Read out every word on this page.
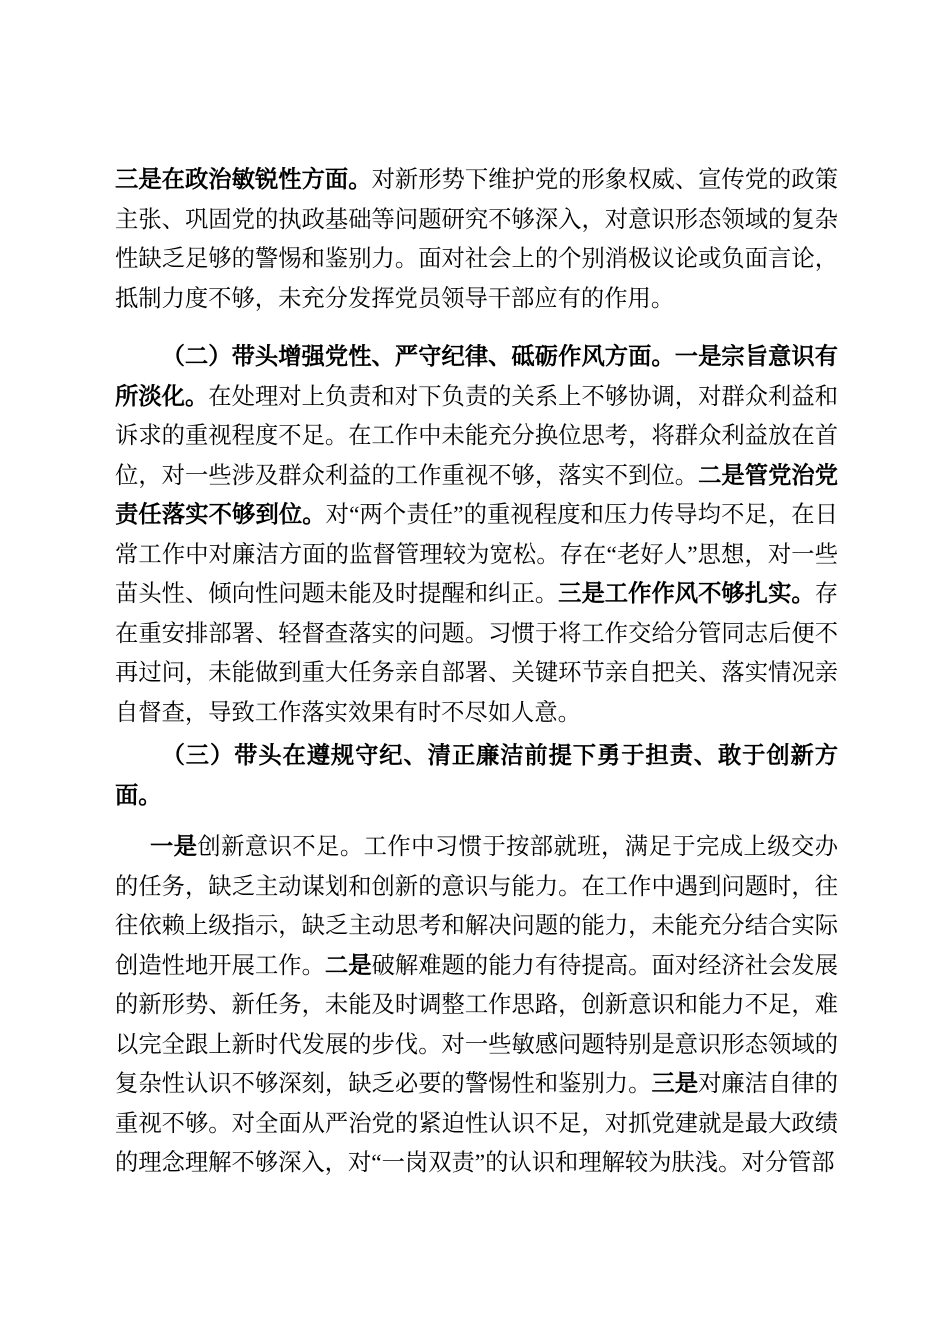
三是在政治敏锐性方面。对新形势下维护党的形象权威、宣传党的政策主张、巩固党的执政基础等问题研究不够深入，对意识形态领域的复杂性缺乏足够的警惕和鉴别力。面对社会上的个别消极议论或负面言论，抵制力度不够，未充分发挥党员领导干部应有的作用。

（二）带头增强党性、严守纪律、砥砺作风方面。一是宗旨意识有所淡化。在处理对上负责和对下负责的关系上不够协调，对群众利益和诉求的重视程度不足。在工作中未能充分换位思考，将群众利益放在首位，对一些涉及群众利益的工作重视不够，落实不到位。二是管党治党责任落实不够到位。对“两个责任”的重视程度和压力传导均不足，在日常工作中对廉洁方面的监督管理较为宽松。存在“老好人”思想，对一些苗头性、倾向性问题未能及时提醒和纠正。三是工作作风不够扎实。存在重安排部署、轻督查落实的问题。习惯于将工作交给分管同志后便不再过问，未能做到重大任务亲自部署、关键环节亲自把关、落实情况亲自督查，导致工作落实效果有时不尽如人意。

（三）带头在遵规守纪、清正廉洁前提下勇于担责、敢于创新方面。

一是创新意识不足。工作中习惯于按部就班，满足于完成上级交办的任务，缺乏主动谋划和创新的意识与能力。在工作中遇到问题时，往往依赖上级指示，缺乏主动思考和解决问题的能力，未能充分结合实际创造性地开展工作。二是破解难题的能力有待提高。面对经济社会发展的新形势、新任务，未能及时调整工作思路，创新意识和能力不足，难以完全跟上新时代发展的步伐。对一些敏感问题特别是意识形态领域的复杂性认识不够深刻，缺乏必要的警惕性和鉴别力。三是对廉洁自律的重视不够。对全面从严治党的紧迫性认识不足，对抓党建就是最大政绩的理念理解不够深入，对“一岗双责”的认识和理解较为肤浅。对分管部
